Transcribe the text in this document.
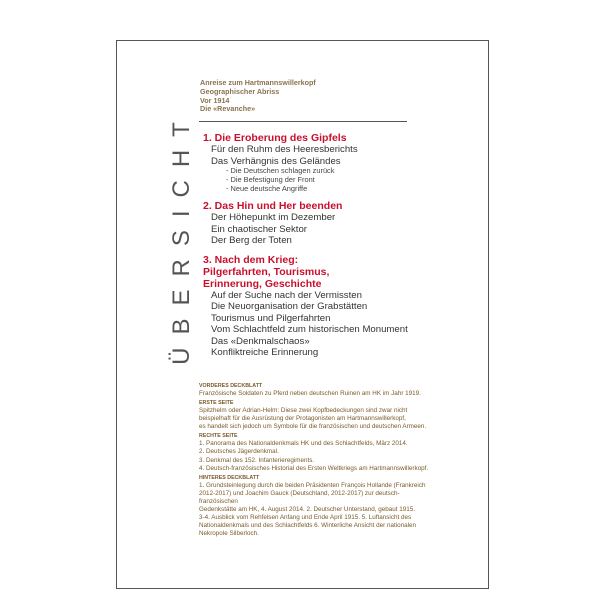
ÜBERSICHT
Anreise zum Hartmannswillerkopf
Geographischer Abriss
Vor 1914
Die «Revanche»
1. Die Eroberung des Gipfels
Für den Ruhm des Heeresberichts
Das Verhängnis des Geländes
- Die Deutschen schlagen zurück
- Die Befestigung der Front
- Neue deutsche Angriffe
2. Das Hin und Her beenden
Der Höhepunkt im Dezember
Ein chaotischer Sektor
Der Berg der Toten
3. Nach dem Krieg: Pilgerfahrten, Tourismus, Erinnerung, Geschichte
Auf der Suche nach der Vermissten
Die Neuorganisation der Grabstätten
Tourismus und Pilgerfahrten
Vom Schlachtfeld zum historischen Monument
Das «Denkmalschaos»
Konfliktreiche Erinnerung
VORDERES DECKBLATT
Französische Soldaten zu Pferd neben deutschen Ruinen am HK im Jahr 1919.
ERSTE SEITE
Spitzhelm oder Adrian-Helm: Diese zwei Kopfbedeckungen sind zwar nicht
beispielhaft für die Ausrüstung der Protagonisten am Hartmannswillerkopf,
es handelt sich jedoch um Symbole für die französischen und deutschen Armeen.
RECHTE SEITE
1. Panorama des Nationaldenkmals HK und des Schlachtfelds, März 2014.
2. Deutsches Jägerdenkmal.
3. Denkmal des 152. Infanterieregiments.
4. Deutsch-französisches Historial des Ersten Weltkriegs am Hartmannswillerkopf.
HINTERES DECKBLATT
1. Grundsteinlegung durch die beiden Präsidenten François Hollande (Frankreich
2012-2017) und Joachim Gauck (Deutschland, 2012-2017) zur deutsch-französischen
Gedenkstätte am HK, 4. August 2014. 2. Deutscher Unterstand, gebaut 1915.
3-4. Ausblick vom Rehfelsen Anfang und Ende April 1915. 5. Luftansicht des
Nationaldenkmals und des Schlachtfelds 6. Winterliche Ansicht der nationalen
Nekropole Silberloch.
